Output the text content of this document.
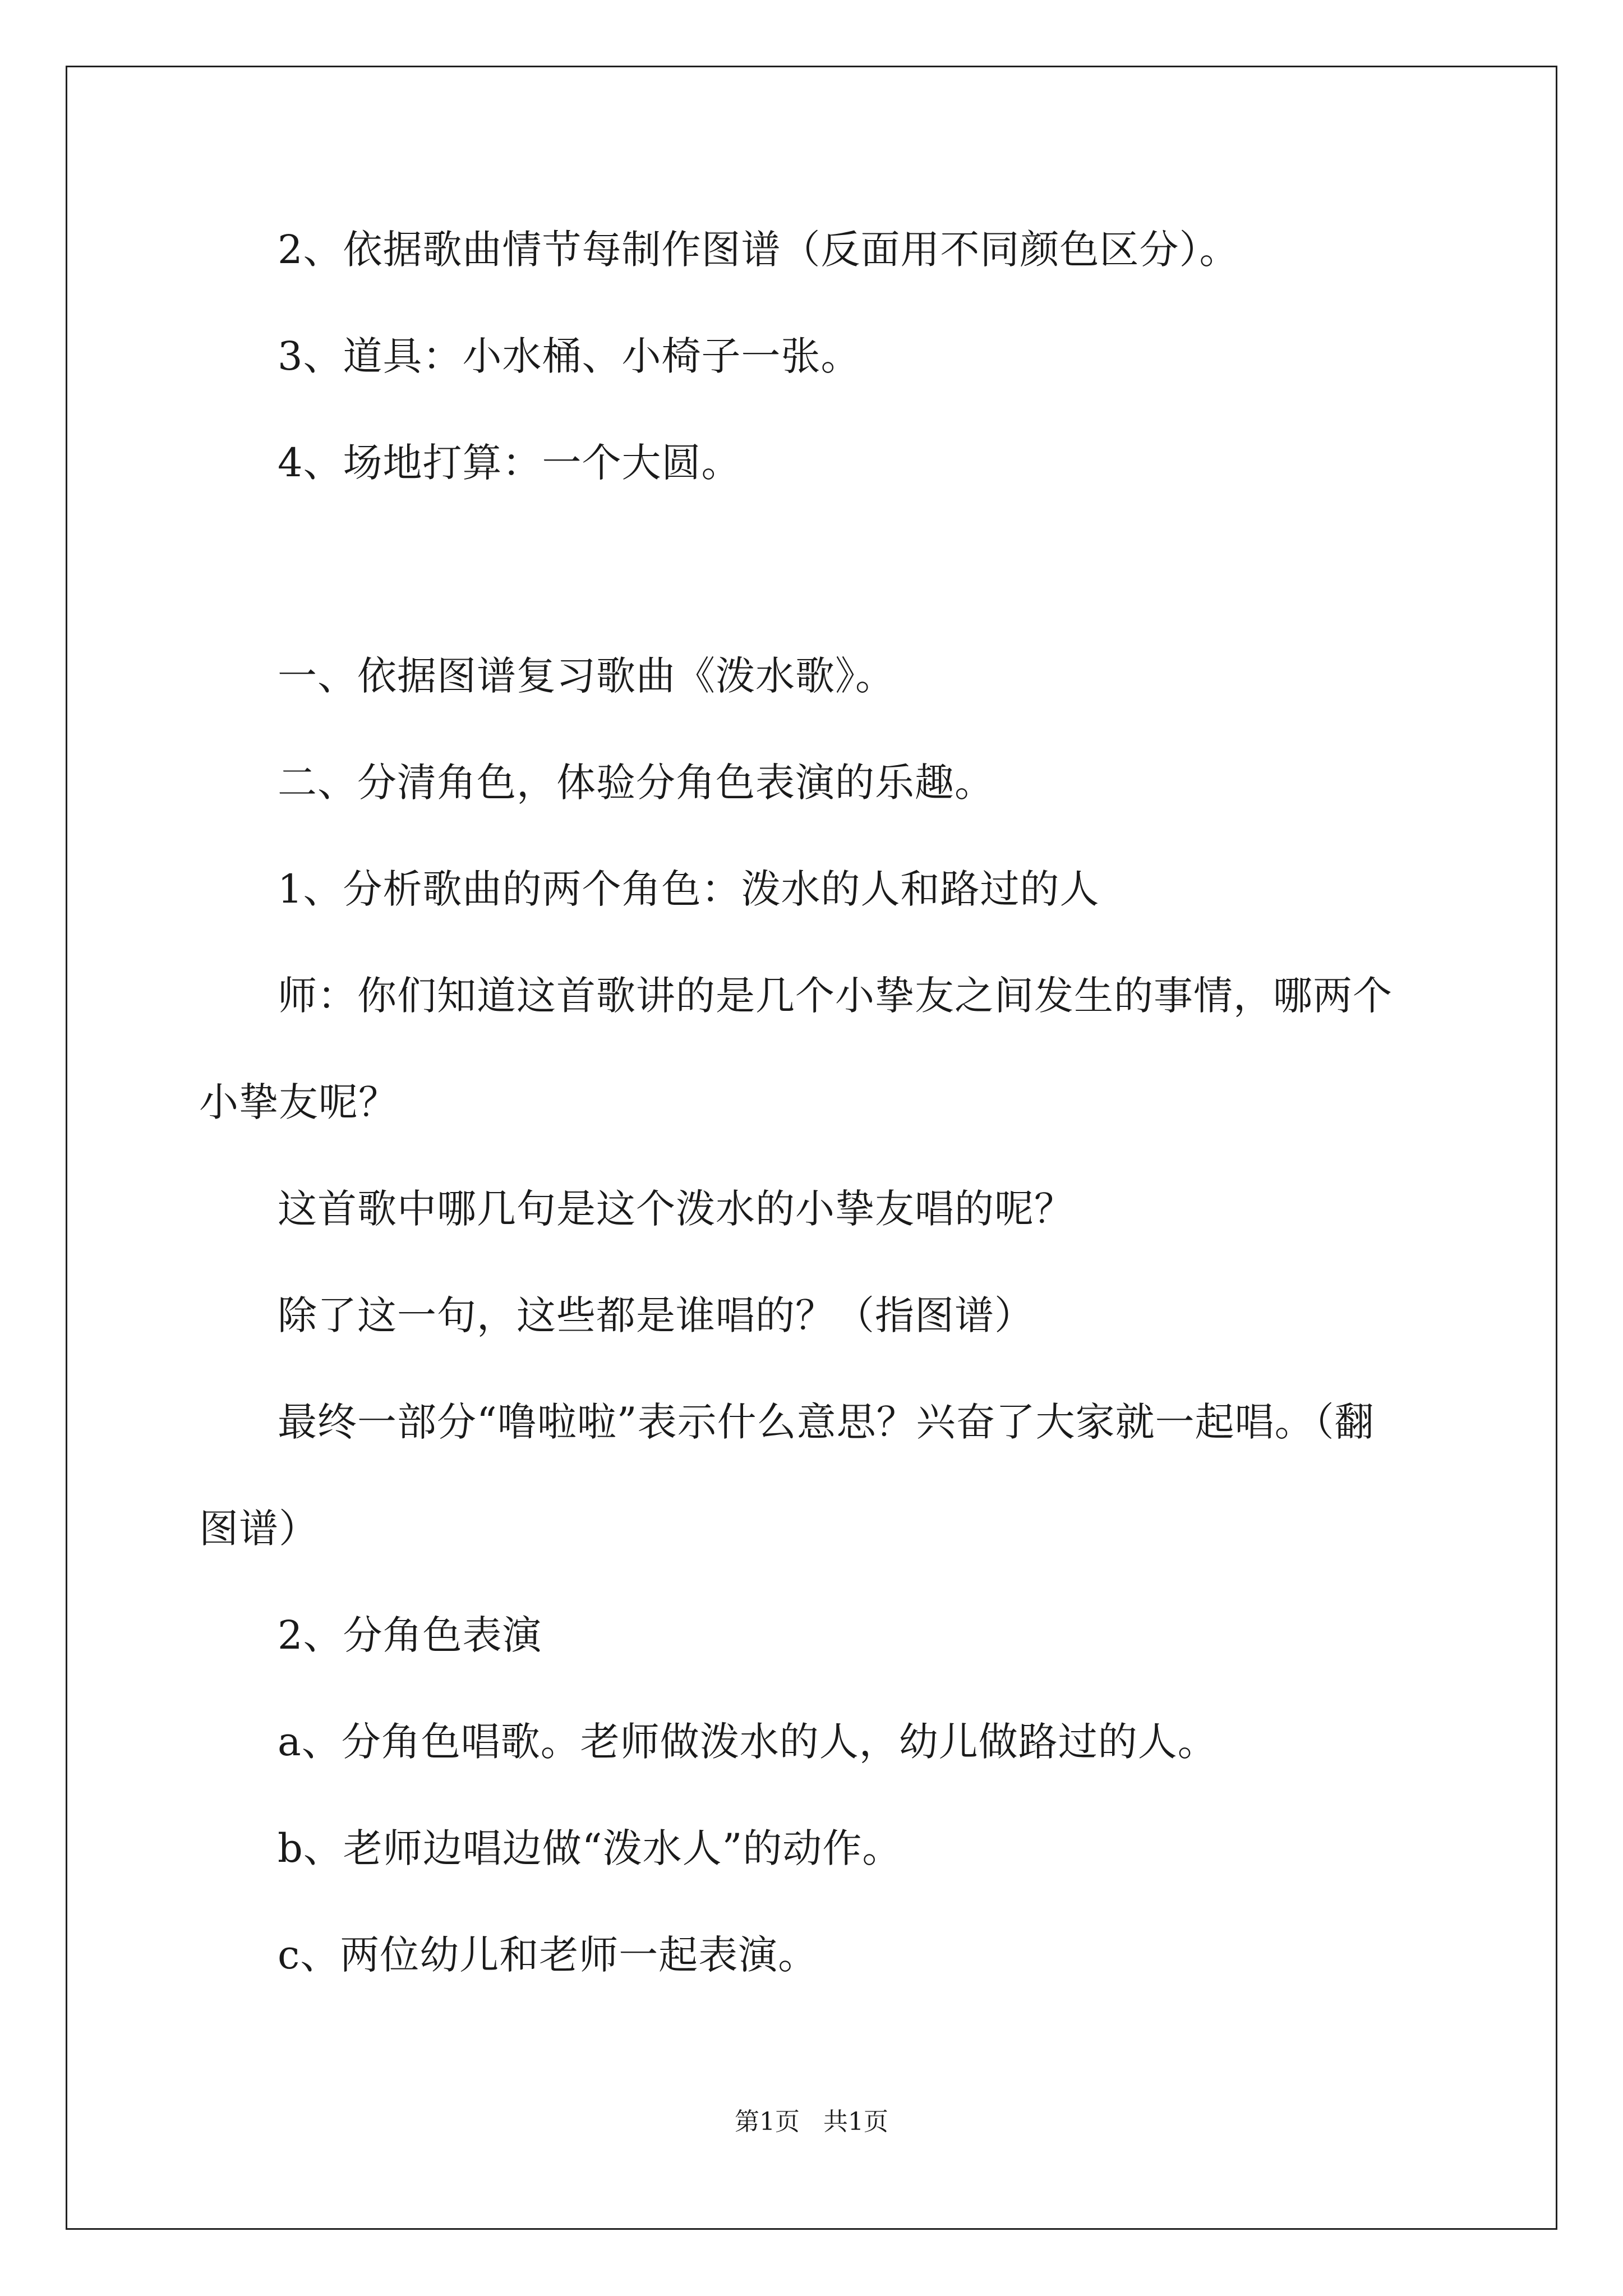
2、依据歌曲情节每制作图谱（反面用不同颜色区分）。
3、道具：小水桶、小椅子一张。
4、场地打算：一个大圆。
一、依据图谱复习歌曲《泼水歌》。
二、分清角色，体验分角色表演的乐趣。
1、分析歌曲的两个角色：泼水的人和路过的人
师：你们知道这首歌讲的是几个小挚友之间发生的事情，哪两个
小挚友呢？
这首歌中哪几句是这个泼水的小挚友唱的呢？
除了这一句，这些都是谁唱的？（指图谱）
最终一部分“噜啦啦”表示什么意思？兴奋了大家就一起唱。（翻
图谱）
2、分角色表演
a、分角色唱歌。老师做泼水的人，幼儿做路过的人。
b、老师边唱边做“泼水人”的动作。
c、两位幼儿和老师一起表演。
第1页   共1页
